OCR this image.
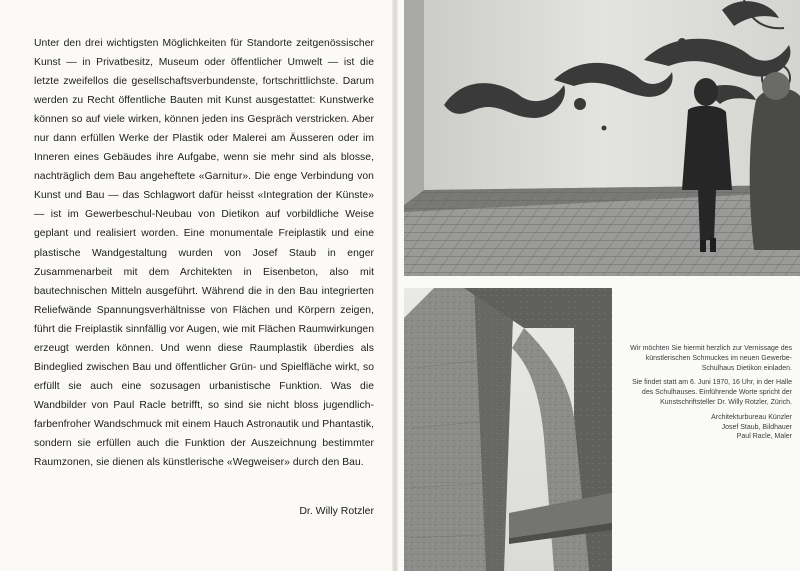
Unter den drei wichtigsten Möglichkeiten für Standorte zeitgenössischer Kunst — in Privatbesitz, Museum oder öffentlicher Umwelt — ist die letzte zweifellos die gesellschaftsverbundenste, fortschrittlichste. Darum werden zu Recht öffentliche Bauten mit Kunst ausgestattet: Kunstwerke können so auf viele wirken, können jeden ins Gespräch verstricken. Aber nur dann erfüllen Werke der Plastik oder Malerei am Äusseren oder im Inneren eines Gebäudes ihre Aufgabe, wenn sie mehr sind als blosse, nachträglich dem Bau angeheftete «Garnitur». Die enge Verbindung von Kunst und Bau — das Schlagwort dafür heisst «Integration der Künste» — ist im Gewerbeschul-Neubau von Dietikon auf vorbildliche Weise geplant und realisiert worden. Eine monumentale Freiplastik und eine plastische Wandgestaltung wurden von Josef Staub in enger Zusammenarbeit mit dem Architekten in Eisenbeton, also mit bautechnischen Mitteln ausgeführt. Während die in den Bau integrierten Reliefwände Spannungsverhältnisse von Flächen und Körpern zeigen, führt die Freiplastik sinnfällig vor Augen, wie mit Flächen Raumwirkungen erzeugt werden können. Und wenn diese Raumplastik überdies als Bindeglied zwischen Bau und öffentlicher Grün- und Spielfläche wirkt, so erfüllt sie auch eine sozusagen urbanistische Funktion. Was die Wandbilder von Paul Racle betrifft, so sind sie nicht bloss jugendlich-farbenfroher Wandschmuck mit einem Hauch Astronautik und Phantastik, sondern sie erfüllen auch die Funktion der Auszeichnung bestimmter Raumzonen, sie dienen als künstlerische «Wegweiser» durch den Bau.

Dr. Willy Rotzler

Wir möchten Sie hiermit herzlich zur Vernissage des künstlerischen Schmuckes im neuen Gewerbe-Schulhaus Dietikon einladen.

Sie findet statt am 6. Juni 1970, 16 Uhr, in der Halle des Schulhauses. Einführende Worte spricht der Kunstschriftsteller Dr. Willy Rotzler, Zürich.

Architekturbureau Künzler
Josef Staub, Bildhauer
Paul Racle, Maler
